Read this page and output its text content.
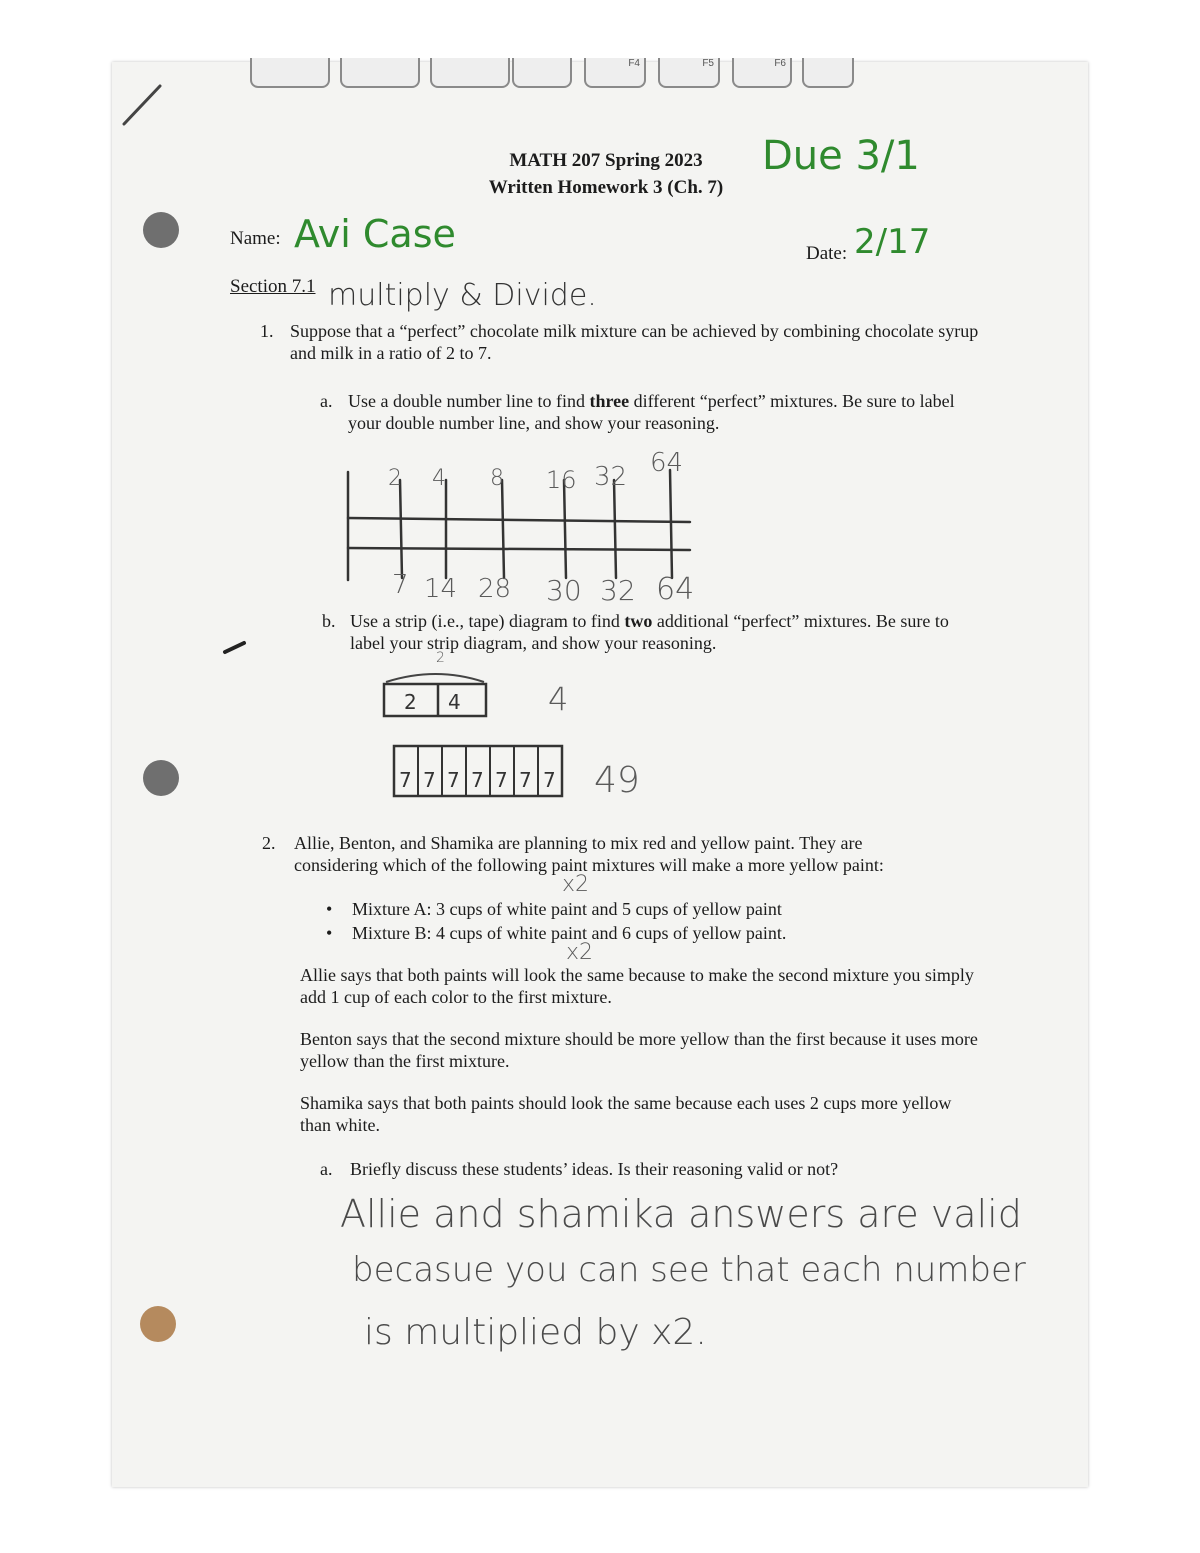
F4	F5	F6
MATH 207 Spring 2023
Written Homework 3 (Ch. 7)
Due 3/1
Name: Avi Case	Date: 2/17
Section 7.1 multiply & Divide.
1. Suppose that a “perfect” chocolate milk mixture can be achieved by combining chocolate syrup and milk in a ratio of 2 to 7.
a. Use a double number line to find three different “perfect” mixtures. Be sure to label your double number line, and show your reasoning.
2 4 8 16 32 64
7 14 28 30 32 64
b. Use a strip (i.e., tape) diagram to find two additional “perfect” mixtures. Be sure to label your strip diagram, and show your reasoning.
2
2 4	4
7 7 7 7 7 7 7 49
2. Allie, Benton, and Shamika are planning to mix red and yellow paint. They are considering which of the following paint mixtures will make a more yellow paint:
x2
• Mixture A: 3 cups of white paint and 5 cups of yellow paint
• Mixture B: 4 cups of white paint and 6 cups of yellow paint.
x2
Allie says that both paints will look the same because to make the second mixture you simply add 1 cup of each color to the first mixture.
Benton says that the second mixture should be more yellow than the first because it uses more yellow than the first mixture.
Shamika says that both paints should look the same because each uses 2 cups more yellow than white.
a. Briefly discuss these students’ ideas. Is their reasoning valid or not?
Allie and shamika answers are valid
becasue you can see that each number
is multiplied by x2.
